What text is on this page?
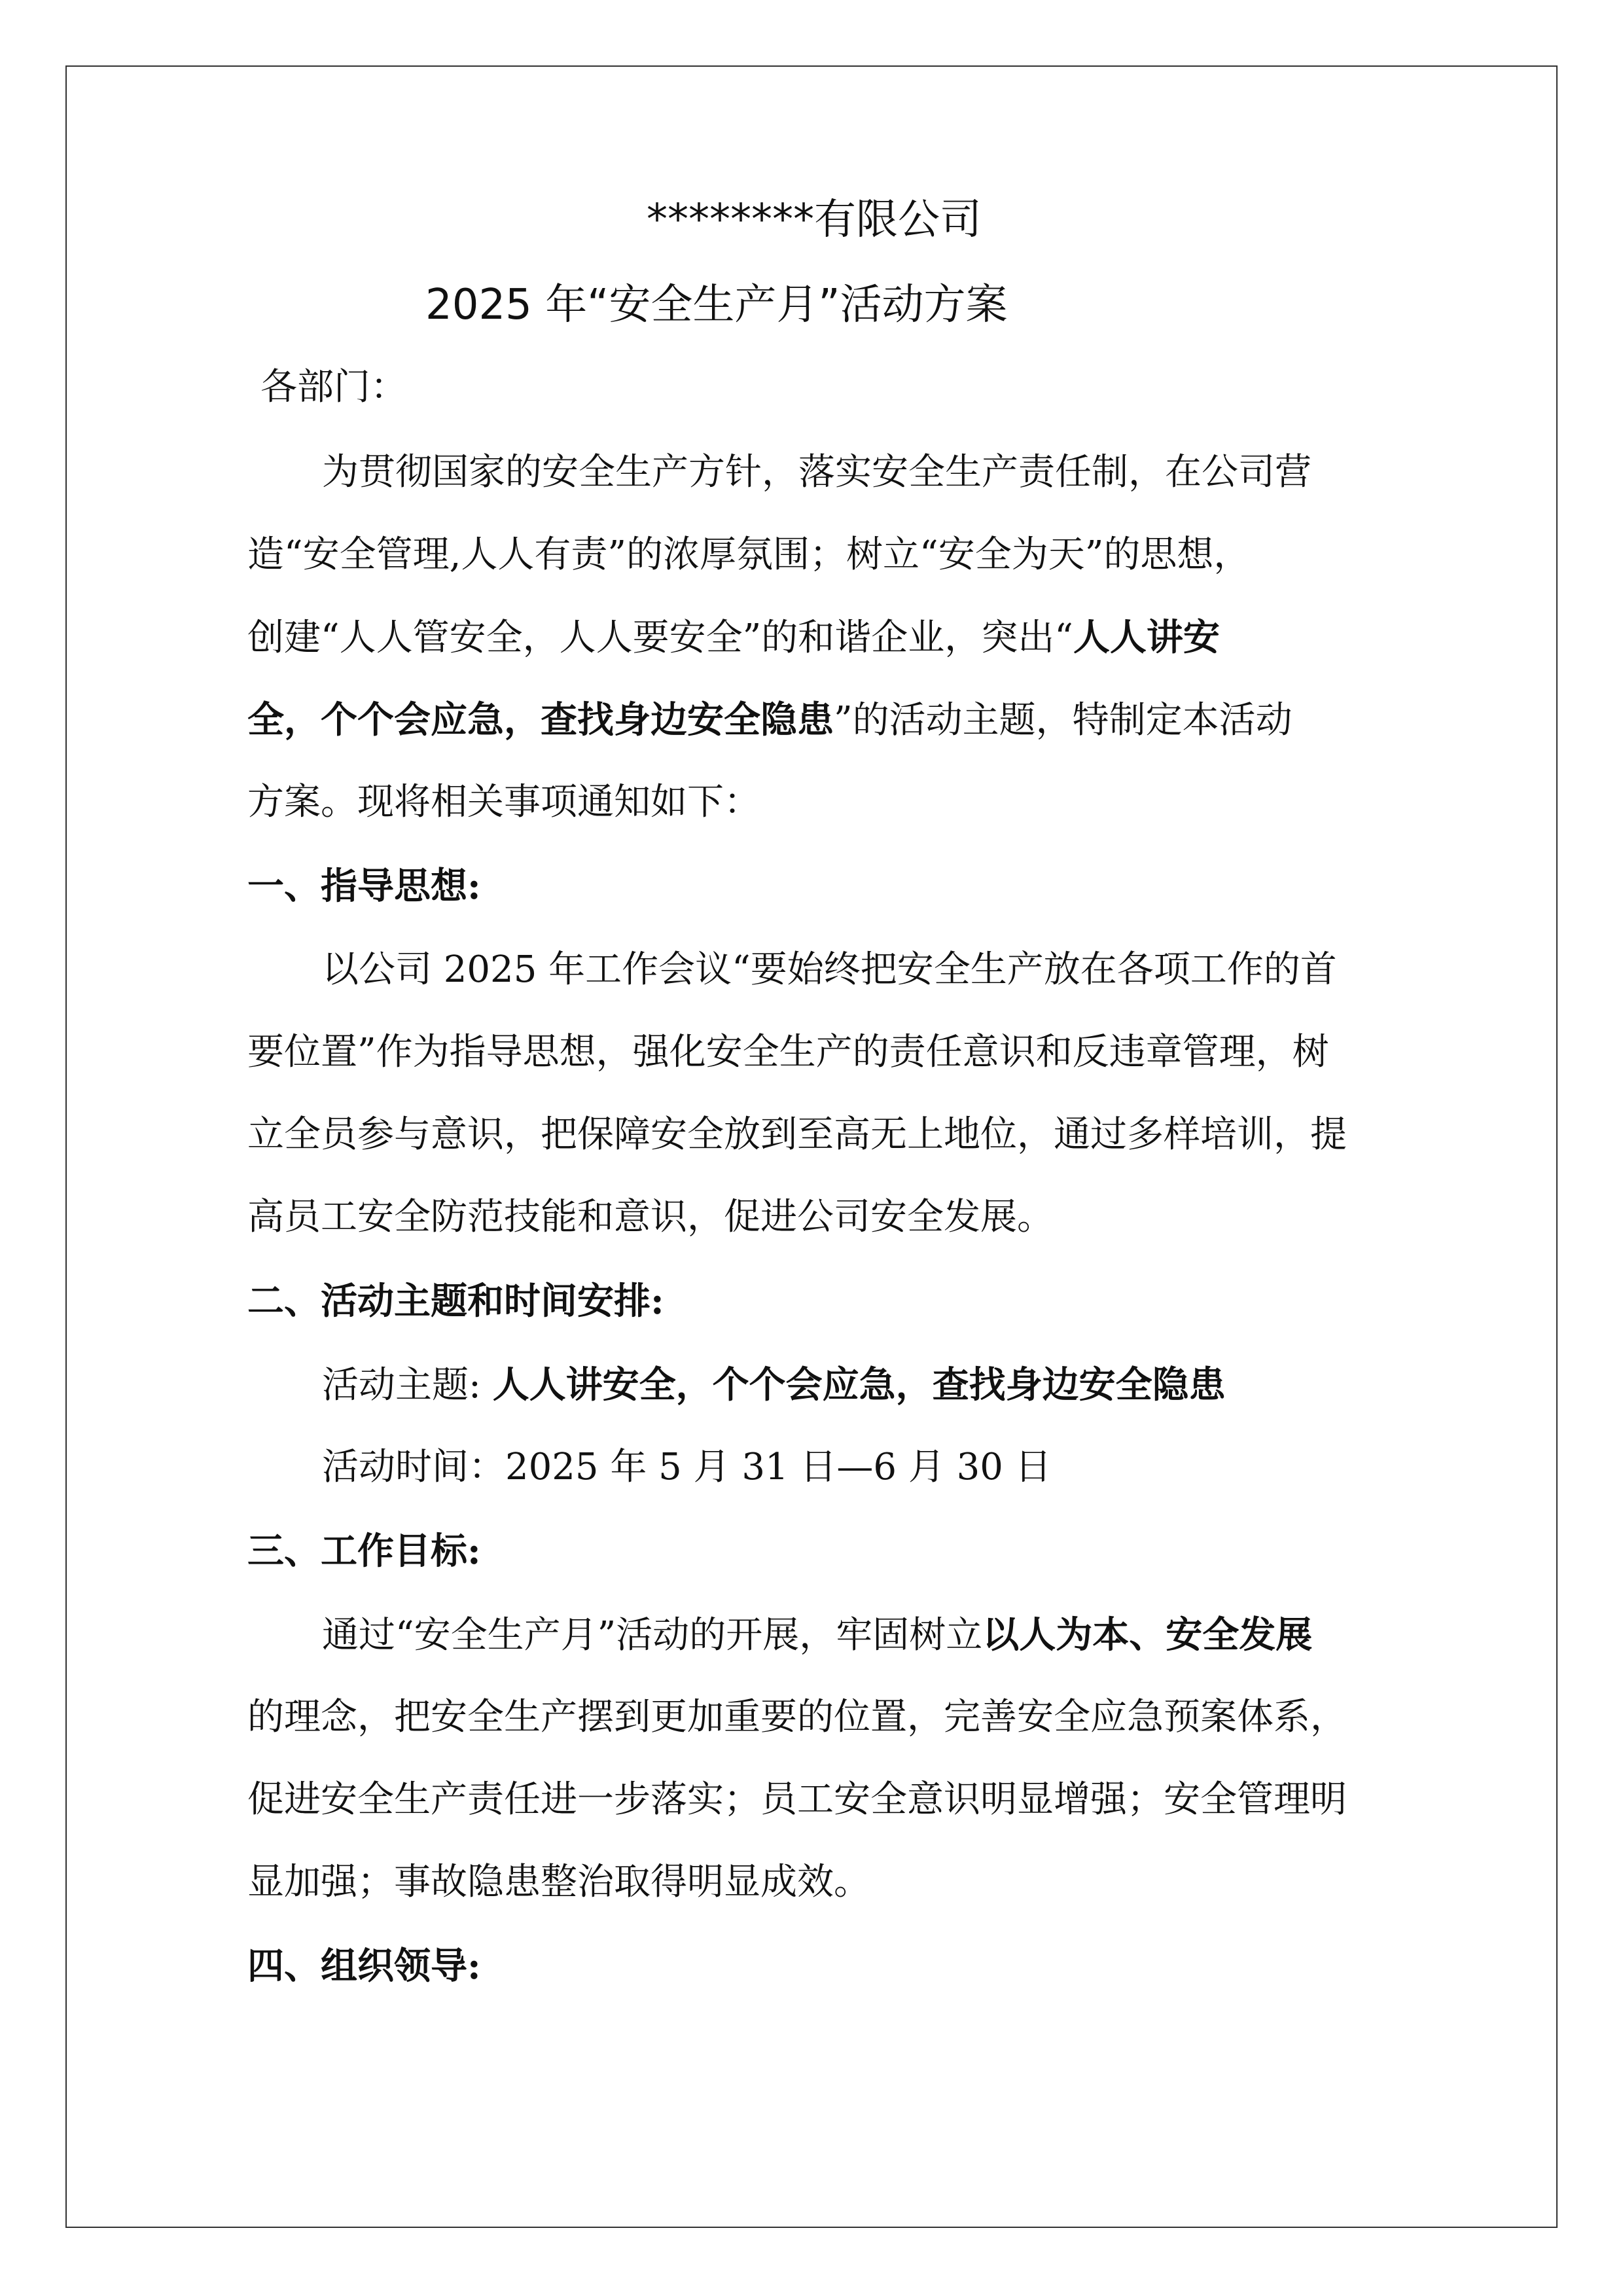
********有限公司
2025 年“安全生产月”活动方案
各部门：
为贯彻国家的安全生产方针，落实安全生产责任制，在公司营
造“安全管理,人人有责”的浓厚氛围；树立“安全为天”的思想，
创建“人人管安全，人人要安全”的和谐企业，突出“人人讲安
全，个个会应急，查找身边安全隐患”的活动主题，特制定本活动
方案。现将相关事项通知如下：
一、指导思想:
以公司 2025 年工作会议“要始终把安全生产放在各项工作的首
要位置”作为指导思想，强化安全生产的责任意识和反违章管理，树
立全员参与意识，把保障安全放到至高无上地位，通过多样培训，提
高员工安全防范技能和意识，促进公司安全发展。
二、活动主题和时间安排:
活动主题: 人人讲安全，个个会应急，查找身边安全隐患
活动时间：2025 年 5 月 31 日—6 月 30 日
三、工作目标:
通过“安全生产月”活动的开展，牢固树立以人为本、安全发展
的理念，把安全生产摆到更加重要的位置，完善安全应急预案体系，
促进安全生产责任进一步落实；员工安全意识明显增强；安全管理明
显加强；事故隐患整治取得明显成效。
四、组织领导:
